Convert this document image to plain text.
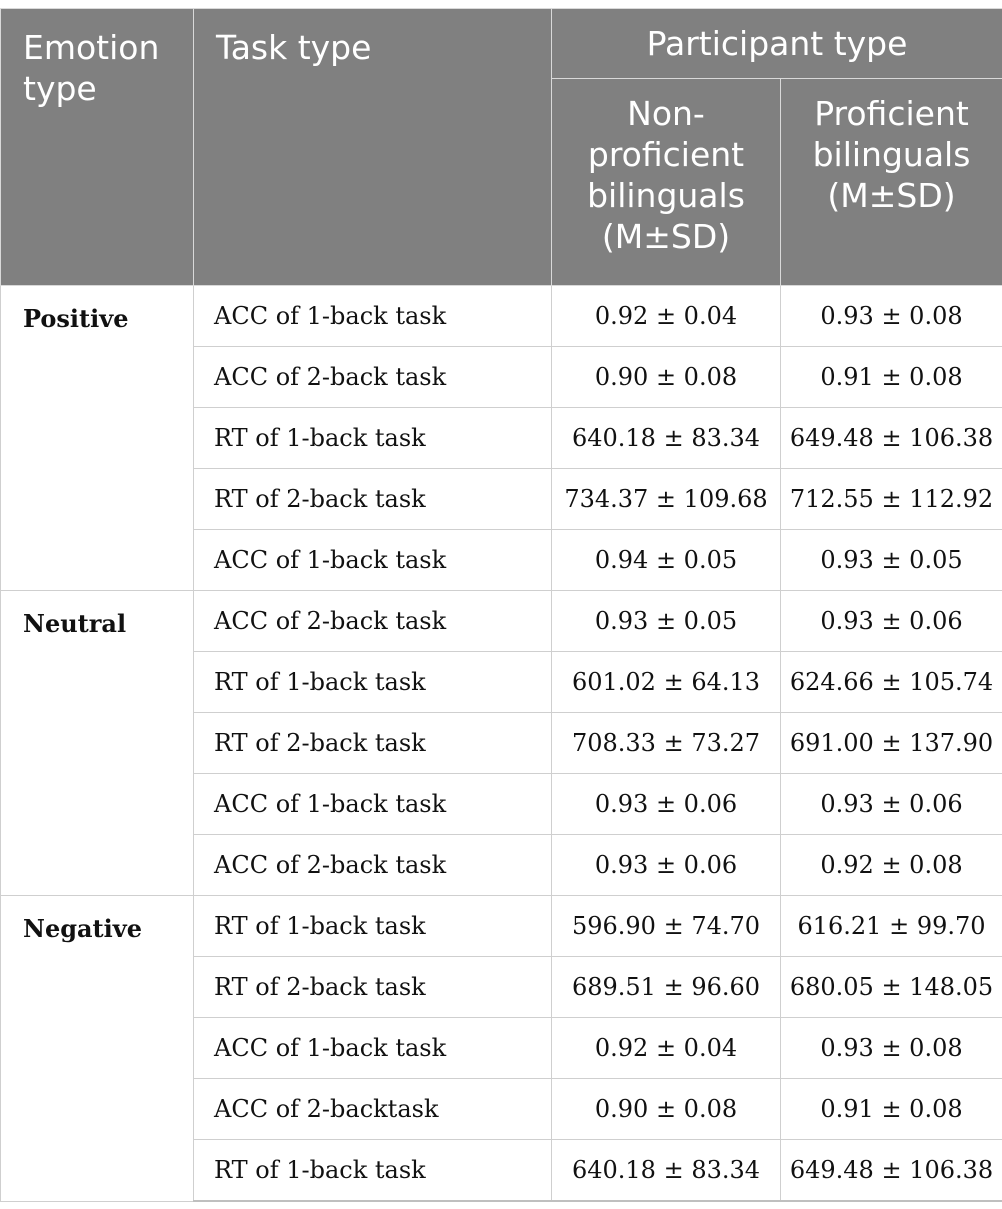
Emotion type	Task type	Participant type	
		Non-proficient bilinguals (M±SD)	Proficient bilinguals (M±SD)
Positive	ACC of 1-back task	0.92 ± 0.04	0.93 ± 0.08
	ACC of 2-back task	0.90 ± 0.08	0.91 ± 0.08
	RT of 1-back task	640.18 ± 83.34	649.48 ± 106.38
	RT of 2-back task	734.37 ± 109.68	712.55 ± 112.92
	ACC of 1-back task	0.94 ± 0.05	0.93 ± 0.05
Neutral	ACC of 2-back task	0.93 ± 0.05	0.93 ± 0.06
	RT of 1-back task	601.02 ± 64.13	624.66 ± 105.74
	RT of 2-back task	708.33 ± 73.27	691.00 ± 137.90
	ACC of 1-back task	0.93 ± 0.06	0.93 ± 0.06
	ACC of 2-back task	0.93 ± 0.06	0.92 ± 0.08
Negative	RT of 1-back task	596.90 ± 74.70	616.21 ± 99.70
	RT of 2-back task	689.51 ± 96.60	680.05 ± 148.05
	ACC of 1-back task	0.92 ± 0.04	0.93 ± 0.08
	ACC of 2-backtask	0.90 ± 0.08	0.91 ± 0.08
	RT of 1-back task	640.18 ± 83.34	649.48 ± 106.38
